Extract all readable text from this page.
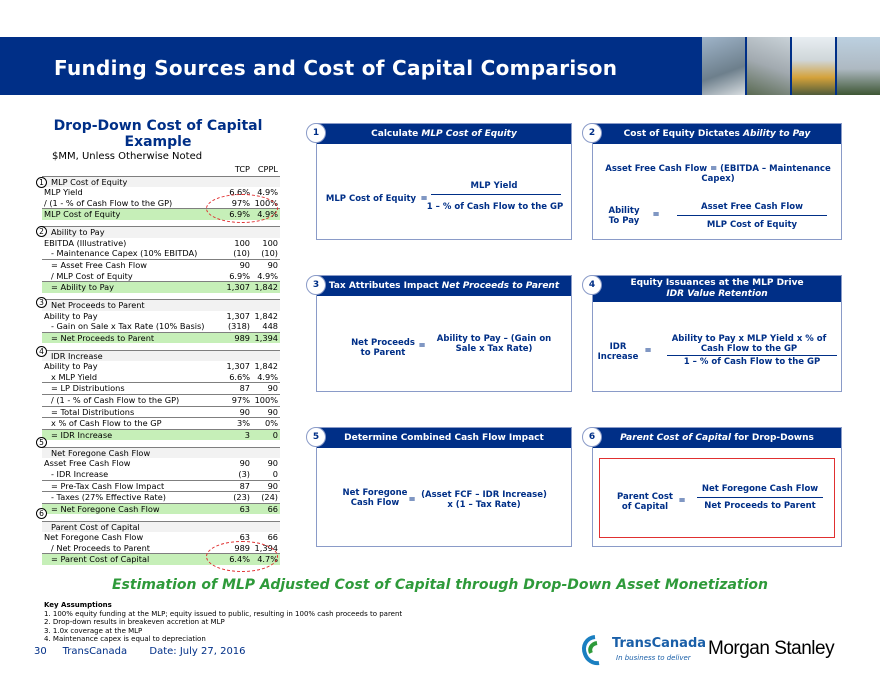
Funding Sources and Cost of Capital Comparison
Drop-Down Cost of Capital Example
$MM, Unless Otherwise Noted
	TCP	CPPL
MLP Cost of Equity		
MLP Yield	6.6%	4.9%
/ (1 - % of Cash Flow to the GP)	97%	100%
MLP Cost of Equity	6.9%	4.9%

Ability to Pay		
EBITDA (Illustrative)	100	100
- Maintenance Capex (10% EBITDA)	(10)	(10)
= Asset Free Cash Flow	90	90
/ MLP Cost of Equity	6.9%	4.9%
= Ability to Pay	1,307	1,842

Net Proceeds to Parent		
Ability to Pay	1,307	1,842
- Gain on Sale x Tax Rate (10% Basis)	(318)	448
= Net Proceeds to Parent	989	1,394

IDR Increase		
Ability to Pay	1,307	1,842
x MLP Yield	6.6%	4.9%
= LP Distributions	87	90
/ (1 - % of Cash Flow to the GP)	97%	100%
= Total Distributions	90	90
x % of Cash Flow to the GP	3%	0%
= IDR Increase	3	0

Net Foregone Cash Flow		
Asset Free Cash Flow	90	90
- IDR Increase	(3)	0
= Pre-Tax Cash Flow Impact	87	90
- Taxes (27% Effective Rate)	(23)	(24)
= Net Foregone Cash Flow	63	66

Parent Cost of Capital		
Net Foregone Cash Flow	63	66
/ Net Proceeds to Parent	989	1,394
= Parent Cost of Capital	6.4%	4.7%
Calculate MLP Cost of Equity
MLP Cost of Equity =
MLP Yield
1 – % of Cash Flow to the GP
1	Cost of Equity Dictates Ability to Pay
Asset Free Cash Flow = (EBITDA – Maintenance Capex)
Ability To Pay
=
Asset Free Cash Flow
MLP Cost of Equity
2
Tax Attributes Impact Net Proceeds to Parent
Net Proceeds to Parent
=
Ability to Pay – (Gain on Sale x Tax Rate)
3	Equity Issuances at the MLP Drive
IDR Value Retention
IDR Increase
=
Ability to Pay x MLP Yield x % of Cash Flow to the GP
1 – % of Cash Flow to the GP
4
Determine Combined Cash Flow Impact
Net Foregone Cash Flow	= (Asset FCF – IDR Increase) x (1 – Tax Rate)
5	Parent Cost of Capital for Drop-Downs
Parent Cost of Capital
=
Net Foregone Cash Flow
Net Proceeds to Parent
6
Estimation of MLP Adjusted Cost of Capital through Drop-Down Asset Monetization
Key Assumptions
1. 100% equity funding at the MLP; equity issued to public, resulting in 100% cash proceeds to parent
2. Drop-down results in breakeven accretion at MLP
3. 1.0x coverage at the MLP
4. Maintenance capex is equal to depreciation
30 TransCanada Date: July 27, 2016
TransCanada
In business to deliver Morgan Stanley
1
2
3
4
5
6
